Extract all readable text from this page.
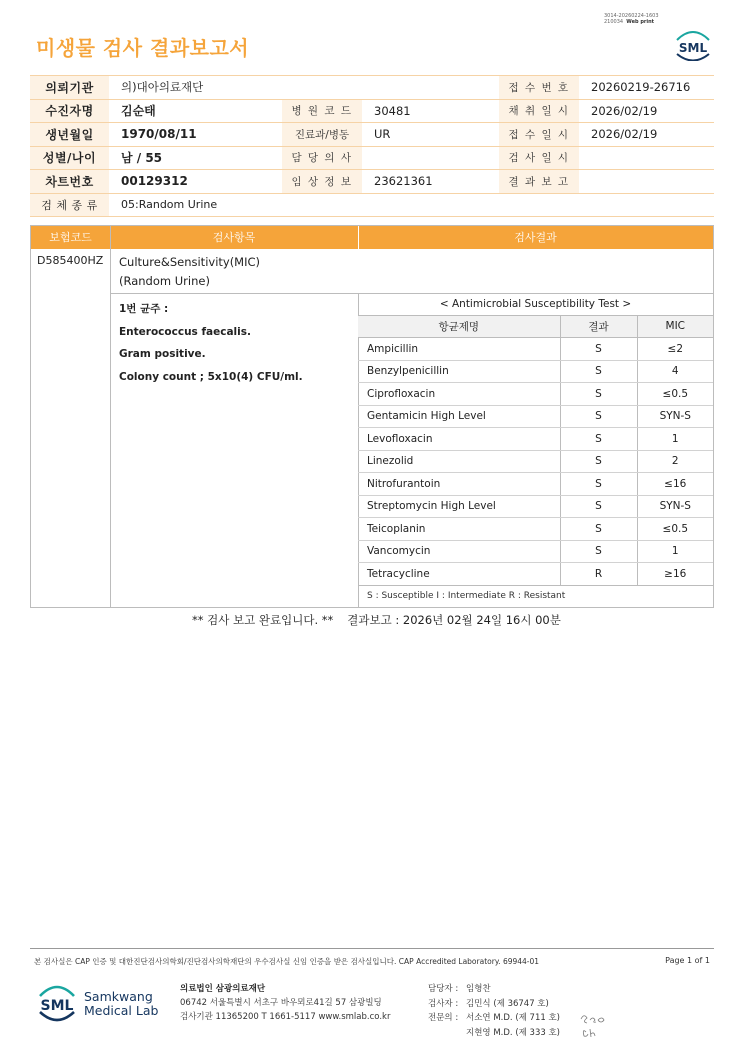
미생물 검사 결과보고서
3014-20260224-1603
210034 Web print
SML
의뢰기관	의)대아의료재단			접 수 번 호	20260219-26716
수진자명	김순태	병 원 코 드	30481	채 취 일 시	2026/02/19
생년월일	1970/08/11	진료과/병동	UR	접 수 일 시	2026/02/19
성별/나이	남 / 55	담 당 의 사		검 사 일 시	
차트번호	00129312	임 상 정 보	23621361	결 과 보 고	
검 체 종 류	05:Random Urine				
보험코드	검사항목	검사결과
D585400HZ Culture&Sensitivity(MIC)
(Random Urine)
1번 균주 :
Enterococcus faecalis.
Gram positive.
Colony count ; 5x10(4) CFU/ml.
< Antimicrobial Susceptibility Test >		
항균제명	결과	MIC
Ampicillin	S	≤2
Benzylpenicillin	S	4
Ciprofloxacin	S	≤0.5
Gentamicin High Level	S	SYN-S
Levofloxacin	S	1
Linezolid	S	2
Nitrofurantoin	S	≤16
Streptomycin High Level	S	SYN-S
Teicoplanin	S	≤0.5
Vancomycin	S	1
Tetracycline	R	≥16
S : Susceptible I : Intermediate R : Resistant		
** 검사 보고 완료입니다. ** 결과보고 : 2026년 02월 24일 16시 00분
본 검사실은 CAP 인증 및 대한진단검사의학회/진단검사의학재단의 우수검사실 신임 인증을 받은 검사실입니다. CAP Accredited Laboratory. 69944-01	Page 1 of 1
SML
Samkwang
Medical Lab
의료법인 삼광의료재단
06742 서울특별시 서초구 바우뫼로41길 57 삼광빌딩
검사기관 11365200 T 1661-5117 www.smlab.co.kr
담당자 : 임형찬
검사자 : 김민식 (제 36747 호)
전문의 : 서소연 M.D. (제 711 호)
지현영 M.D. (제 333 호)
